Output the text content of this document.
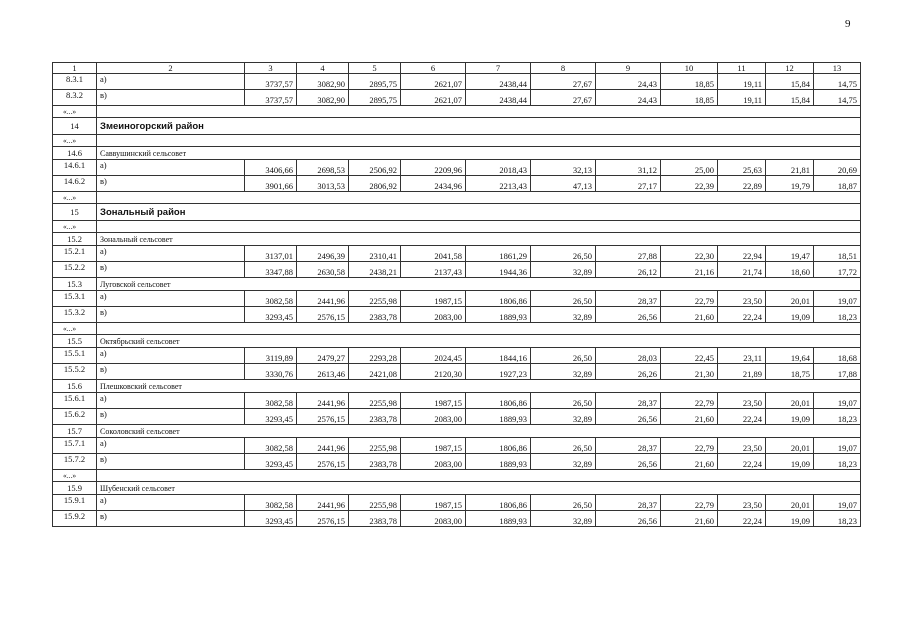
9
1	2	3	4	5	6	7	8	9	10	11	12	13
8.3.1	а)	3737,57	3082,90	2895,75	2621,07	2438,44	27,67	24,43	18,85	19,11	15,84	14,75
8.3.2	в)	3737,57	3082,90	2895,75	2621,07	2438,44	27,67	24,43	18,85	19,11	15,84	14,75
«...»												
14	Змеиногорский район											
«...»												
14.6	Саввушинский сельсовет											
14.6.1	а)	3406,66	2698,53	2506,92	2209,96	2018,43	32,13	31,12	25,00	25,63	21,81	20,69
14.6.2	в)	3901,66	3013,53	2806,92	2434,96	2213,43	47,13	27,17	22,39	22,89	19,79	18,87
«...»												
15	Зональный район											
«...»												
15.2	Зональный сельсовет											
15.2.1	а)	3137,01	2496,39	2310,41	2041,58	1861,29	26,50	27,88	22,30	22,94	19,47	18,51
15.2.2	в)	3347,88	2630,58	2438,21	2137,43	1944,36	32,89	26,12	21,16	21,74	18,60	17,72
15.3	Луговской сельсовет											
15.3.1	а)	3082,58	2441,96	2255,98	1987,15	1806,86	26,50	28,37	22,79	23,50	20,01	19,07
15.3.2	в)	3293,45	2576,15	2383,78	2083,00	1889,93	32,89	26,56	21,60	22,24	19,09	18,23
«...»												
15.5	Октябрьский сельсовет											
15.5.1	а)	3119,89	2479,27	2293,28	2024,45	1844,16	26,50	28,03	22,45	23,11	19,64	18,68
15.5.2	в)	3330,76	2613,46	2421,08	2120,30	1927,23	32,89	26,26	21,30	21,89	18,75	17,88
15.6	Плешковский сельсовет											
15.6.1	а)	3082,58	2441,96	2255,98	1987,15	1806,86	26,50	28,37	22,79	23,50	20,01	19,07
15.6.2	в)	3293,45	2576,15	2383,78	2083,00	1889,93	32,89	26,56	21,60	22,24	19,09	18,23
15.7	Соколовский сельсовет											
15.7.1	а)	3082,58	2441,96	2255,98	1987,15	1806,86	26,50	28,37	22,79	23,50	20,01	19,07
15.7.2	в)	3293,45	2576,15	2383,78	2083,00	1889,93	32,89	26,56	21,60	22,24	19,09	18,23
«...»												
15.9	Шубенский сельсовет											
15.9.1	а)	3082,58	2441,96	2255,98	1987,15	1806,86	26,50	28,37	22,79	23,50	20,01	19,07
15.9.2	в)	3293,45	2576,15	2383,78	2083,00	1889,93	32,89	26,56	21,60	22,24	19,09	18,23
